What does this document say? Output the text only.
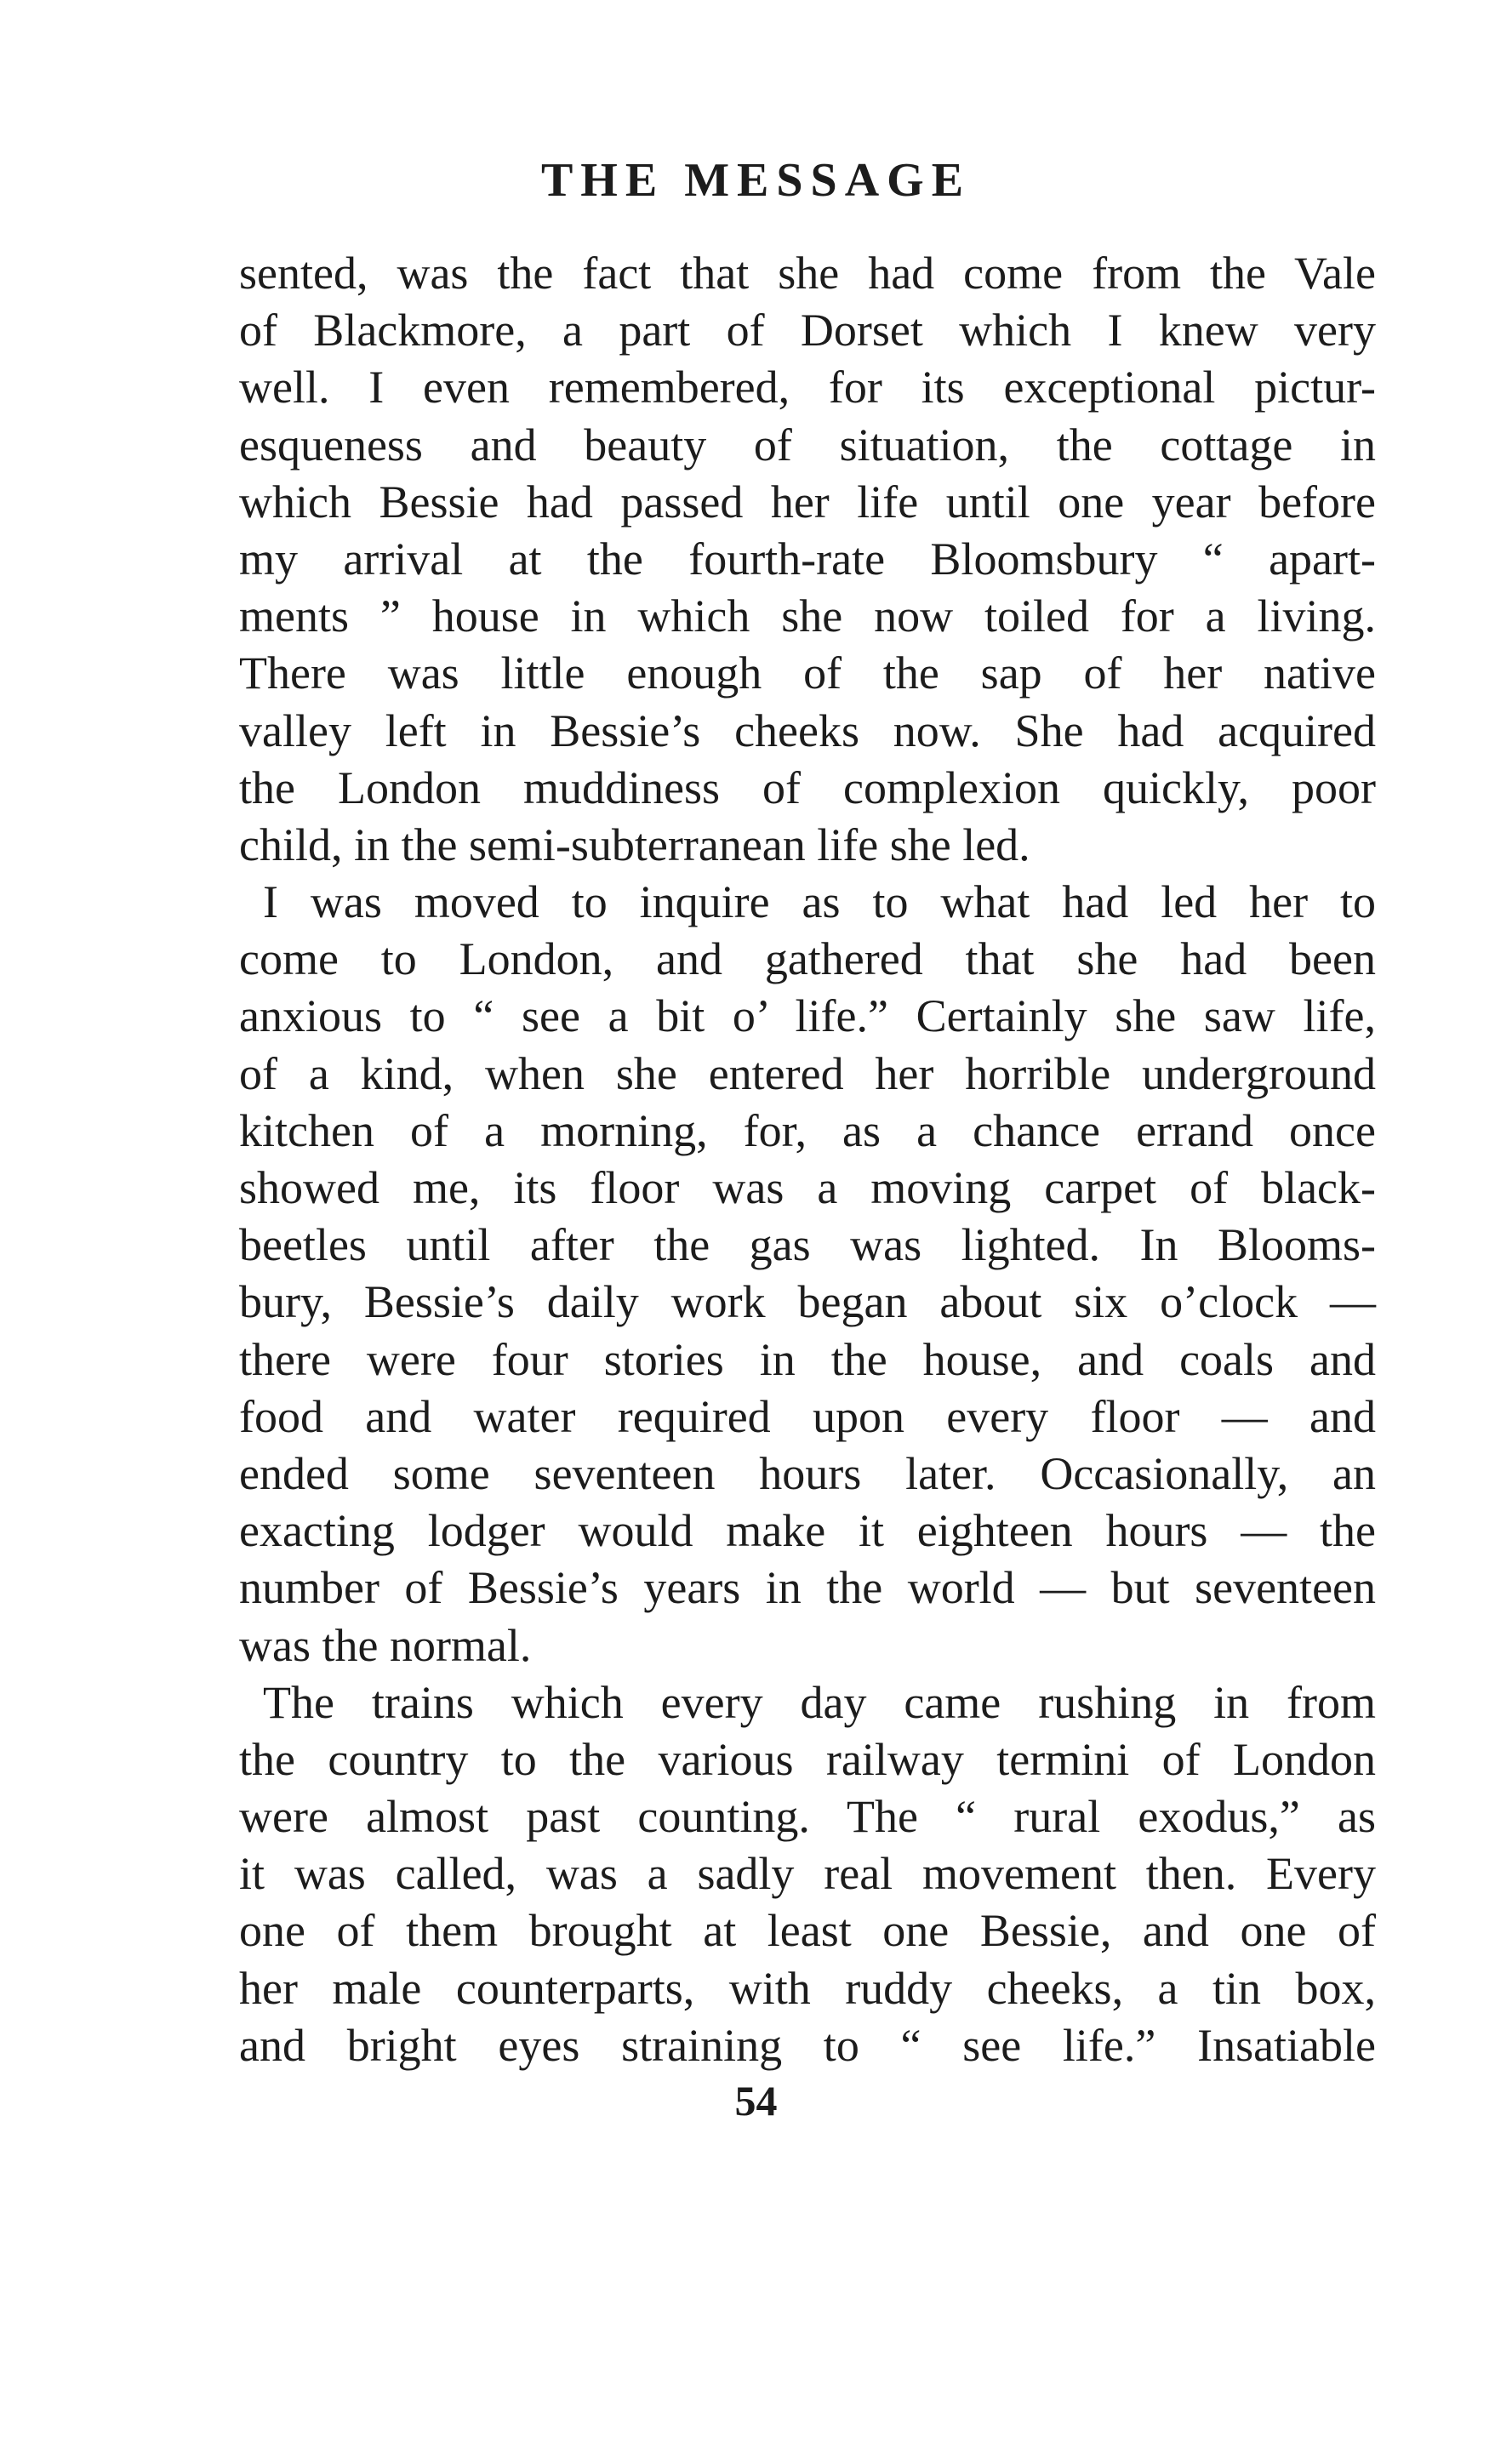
THE MESSAGE
sented, was the fact that she had come from the Vale
of Blackmore, a part of Dorset which I knew very
well. I even remembered, for its exceptional pictur-
esqueness and beauty of situation, the cottage in
which Bessie had passed her life until one year before
my arrival at the fourth-rate Bloomsbury “ apart-
ments ” house in which she now toiled for a living.
There was little enough of the sap of her native
valley left in Bessie’s cheeks now. She had acquired
the London muddiness of complexion quickly, poor
child, in the semi-subterranean life she led.
I was moved to inquire as to what had led her to
come to London, and gathered that she had been
anxious to “ see a bit o’ life.” Certainly she saw life,
of a kind, when she entered her horrible underground
kitchen of a morning, for, as a chance errand once
showed me, its floor was a moving carpet of black-
beetles until after the gas was lighted. In Blooms-
bury, Bessie’s daily work began about six o’clock —
there were four stories in the house, and coals and
food and water required upon every floor — and
ended some seventeen hours later. Occasionally, an
exacting lodger would make it eighteen hours — the
number of Bessie’s years in the world — but seventeen
was the normal.
The trains which every day came rushing in from
the country to the various railway termini of London
were almost past counting. The “ rural exodus,” as
it was called, was a sadly real movement then. Every
one of them brought at least one Bessie, and one of
her male counterparts, with ruddy cheeks, a tin box,
and bright eyes straining to “ see life.” Insatiable
54
